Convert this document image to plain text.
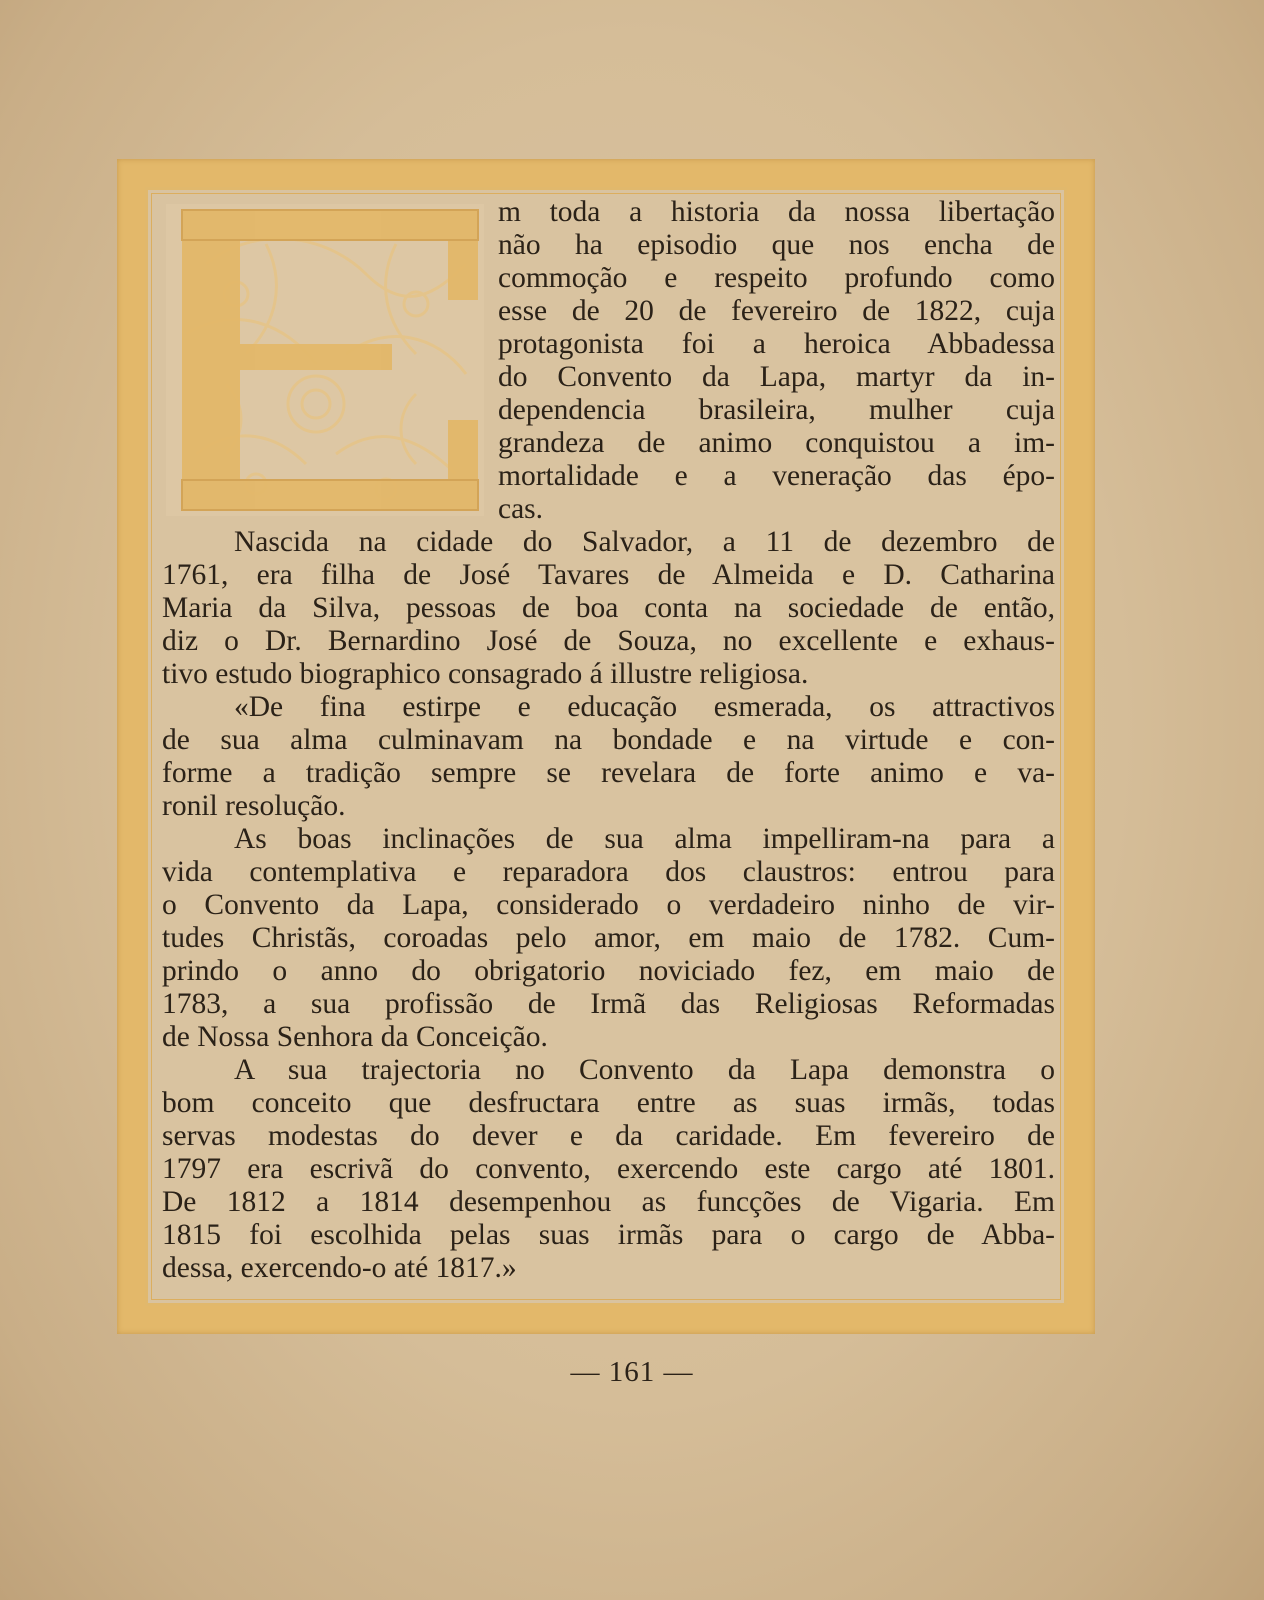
m toda a historia da nossa libertação
não ha episodio que nos encha de
commoção e respeito profundo como
esse de 20 de fevereiro de 1822, cuja
protagonista foi a heroica Abbadessa
do Convento da Lapa, martyr da in-
dependencia brasileira, mulher cuja
grandeza de animo conquistou a im-
mortalidade e a veneração das épo-
cas.
Nascida na cidade do Salvador, a 11 de dezembro de
1761, era filha de José Tavares de Almeida e D. Catharina
Maria da Silva, pessoas de boa conta na sociedade de então,
diz o Dr. Bernardino José de Souza, no excellente e exhaus-
tivo estudo biographico consagrado á illustre religiosa.
«De fina estirpe e educação esmerada, os attractivos
de sua alma culminavam na bondade e na virtude e con-
forme a tradição sempre se revelara de forte animo e va-
ronil resolução.
As boas inclinações de sua alma impelliram-na para a
vida contemplativa e reparadora dos claustros: entrou para
o Convento da Lapa, considerado o verdadeiro ninho de vir-
tudes Christãs, coroadas pelo amor, em maio de 1782. Cum-
prindo o anno do obrigatorio noviciado fez, em maio de
1783, a sua profissão de Irmã das Religiosas Reformadas
de Nossa Senhora da Conceição.
A sua trajectoria no Convento da Lapa demonstra o
bom conceito que desfructara entre as suas irmãs, todas
servas modestas do dever e da caridade. Em fevereiro de
1797 era escrivã do convento, exercendo este cargo até 1801.
De 1812 a 1814 desempenhou as funcções de Vigaria. Em
1815 foi escolhida pelas suas irmãs para o cargo de Abba-
dessa, exercendo-o até 1817.»
— 161 —
